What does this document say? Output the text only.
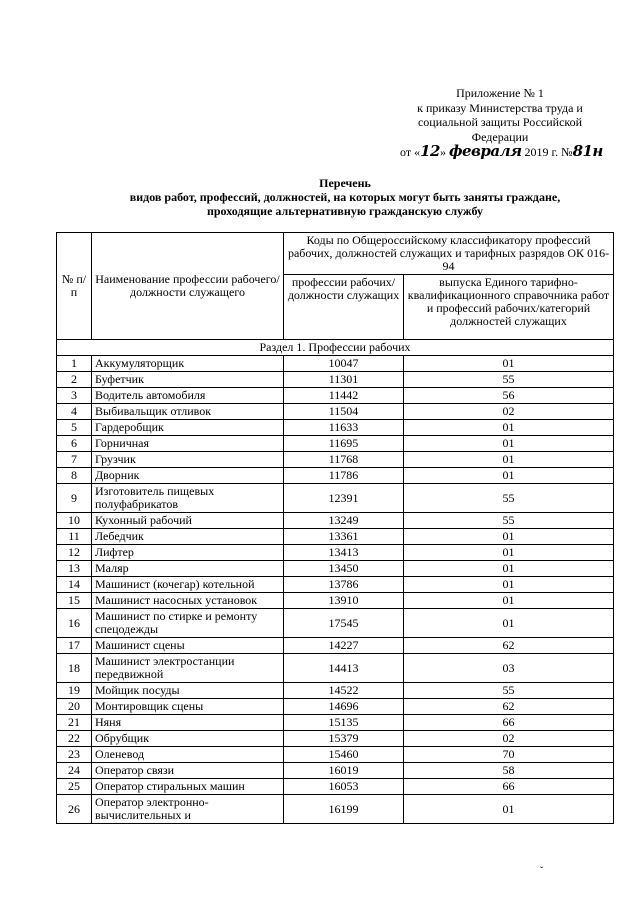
Приложение № 1
к приказу Министерства труда и
социальной защиты Российской
Федерации
от «12» февраля 2019 г. №81н
Перечень
видов работ, профессий, должностей, на которых могут быть заняты граждане,
проходящие альтернативную гражданскую службу
№ п/п	Наименование профессии рабочего/должности служащего	Коды по Общероссийскому классификатору профессий рабочих, должностей служащих и тарифных разрядов ОК 016-94	
		профессии рабочих/должности служащих	выпуска Единого тарифно-квалификационного справочника работ и профессий рабочих/категорий должностей служащих
Раздел 1. Профессии рабочих			
1	Аккумуляторщик	10047	01
2	Буфетчик	11301	55
3	Водитель автомобиля	11442	56
4	Выбивальщик отливок	11504	02
5	Гардеробщик	11633	01
6	Горничная	11695	01
7	Грузчик	11768	01
8	Дворник	11786	01
9	Изготовитель пищевых полуфабрикатов	12391	55
10	Кухонный рабочий	13249	55
11	Лебедчик	13361	01
12	Лифтер	13413	01
13	Маляр	13450	01
14	Машинист (кочегар) котельной	13786	01
15	Машинист насосных установок	13910	01
16	Машинист по стирке и ремонту спецодежды	17545	01
17	Машинист сцены	14227	62
18	Машинист электростанции передвижной	14413	03
19	Мойщик посуды	14522	55
20	Монтировщик сцены	14696	62
21	Няня	15135	66
22	Обрубщик	15379	02
23	Оленевод	15460	70
24	Оператор связи	16019	58
25	Оператор стиральных машин	16053	66
26	Оператор электронно-вычислительных и	16199	01
ˇ
